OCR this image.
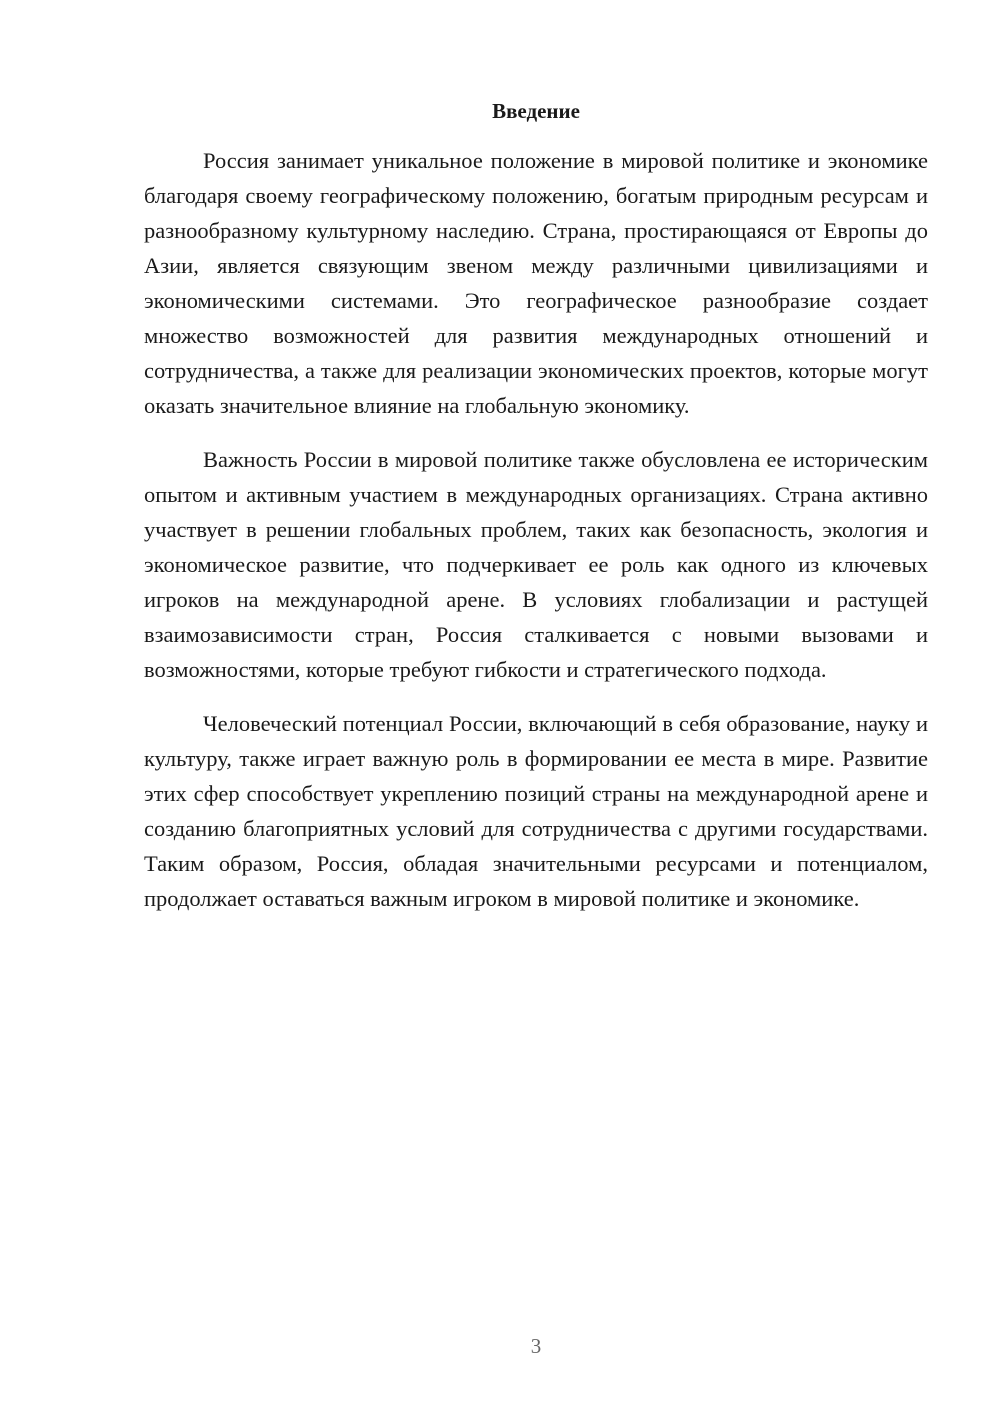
Введение

Россия занимает уникальное положение в мировой политике и экономике благодаря своему географическому положению, богатым природным ресурсам и разнообразному культурному наследию. Страна, простирающаяся от Европы до Азии, является связующим звеном между различными цивилизациями и экономическими системами. Это географическое разнообразие создает множество возможностей для развития международных отношений и сотрудничества, а также для реализации экономических проектов, которые могут оказать значительное влияние на глобальную экономику.

Важность России в мировой политике также обусловлена ее историческим опытом и активным участием в международных организациях. Страна активно участвует в решении глобальных проблем, таких как безопасность, экология и экономическое развитие, что подчеркивает ее роль как одного из ключевых игроков на международной арене. В условиях глобализации и растущей взаимозависимости стран, Россия сталкивается с новыми вызовами и возможностями, которые требуют гибкости и стратегического подхода.

Человеческий потенциал России, включающий в себя образование, науку и культуру, также играет важную роль в формировании ее места в мире. Развитие этих сфер способствует укреплению позиций страны на международной арене и созданию благоприятных условий для сотрудничества с другими государствами. Таким образом, Россия, обладая значительными ресурсами и потенциалом, продолжает оставаться важным игроком в мировой политике и экономике.

3
